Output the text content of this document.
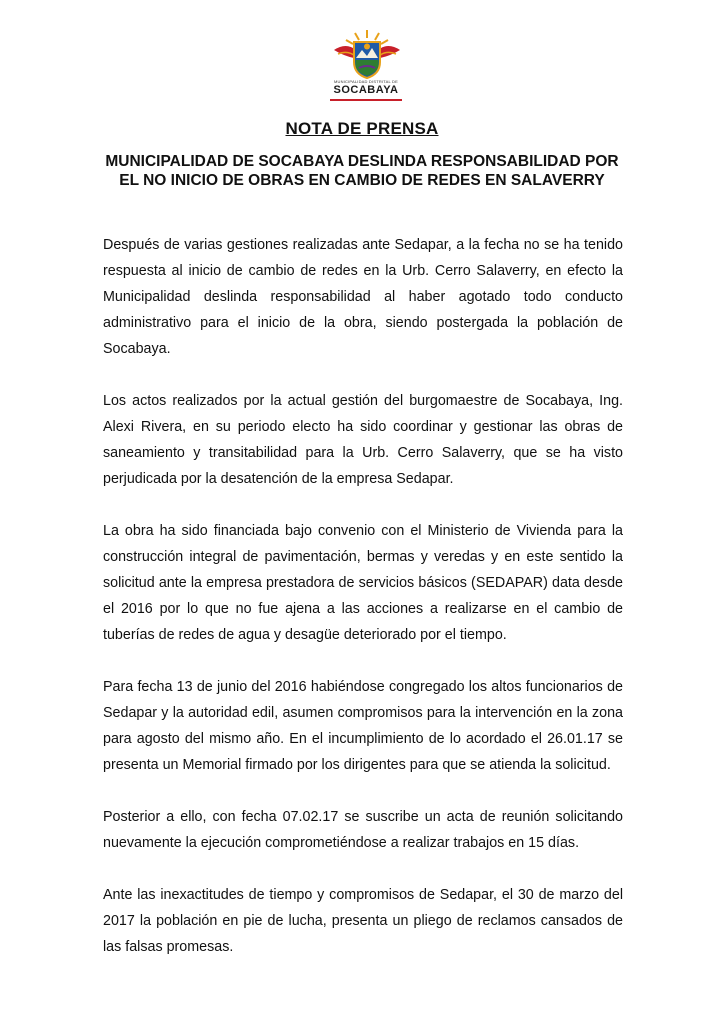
MUNICIPALIDAD DISTRITAL DE
SOCABAYA
NOTA DE PRENSA
MUNICIPALIDAD DE SOCABAYA DESLINDA RESPONSABILIDAD POR EL NO INICIO DE OBRAS EN CAMBIO DE REDES EN SALAVERRY

Después de varias gestiones realizadas ante Sedapar, a la fecha no se ha tenido respuesta al inicio de cambio de redes en la Urb. Cerro Salaverry, en efecto la Municipalidad deslinda responsabilidad al haber agotado todo conducto administrativo para el inicio de la obra, siendo postergada la población de Socabaya.

Los actos realizados por la actual gestión del burgomaestre de Socabaya, Ing. Alexi Rivera, en su periodo electo ha sido coordinar y gestionar las obras de saneamiento y transitabilidad para la Urb. Cerro Salaverry, que se ha visto perjudicada por la desatención de la empresa Sedapar.

La obra ha sido financiada bajo convenio con el Ministerio de Vivienda para la construcción integral de pavimentación, bermas y veredas y en este sentido la solicitud ante la empresa prestadora de servicios básicos (SEDAPAR) data desde el 2016 por lo que no fue ajena a las acciones a realizarse en el cambio de tuberías de redes de agua y desagüe deteriorado por el tiempo.

Para fecha 13 de junio del 2016 habiéndose congregado los altos funcionarios de Sedapar y la autoridad edil, asumen compromisos para la intervención en la zona para agosto del mismo año. En el incumplimiento de lo acordado el 26.01.17 se presenta un Memorial firmado por los dirigentes para que se atienda la solicitud.

Posterior a ello, con fecha 07.02.17 se suscribe un acta de reunión solicitando nuevamente la ejecución comprometiéndose a realizar trabajos en 15 días.

Ante las inexactitudes de tiempo y compromisos de Sedapar, el 30 de marzo del 2017 la población en pie de lucha, presenta un pliego de reclamos cansados de las falsas promesas.
